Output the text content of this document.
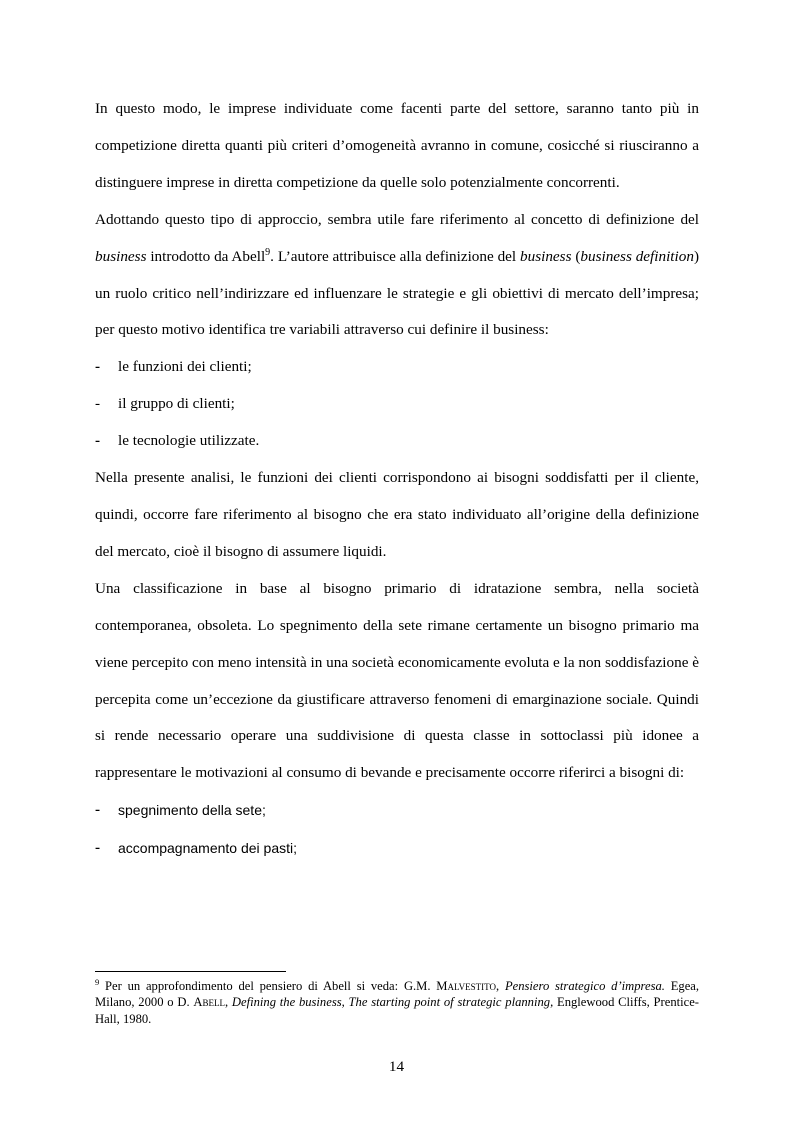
In questo modo, le imprese individuate come facenti parte del settore, saranno tanto più in competizione diretta quanti più criteri d’omogeneità avranno in comune, cosicché si riusciranno a distinguere imprese in diretta competizione da quelle solo potenzialmente concorrenti.

Adottando questo tipo di approccio, sembra utile fare riferimento al concetto di definizione del business introdotto da Abell$^9$. L’autore attribuisce alla definizione del business (business definition) un ruolo critico nell’indirizzare ed influenzare le strategie e gli obiettivi di mercato dell’impresa; per questo motivo identifica tre variabili attraverso cui definire il business:

- le funzioni dei clienti;
- il gruppo di clienti;
- le tecnologie utilizzate.

Nella presente analisi, le funzioni dei clienti corrispondono ai bisogni soddisfatti per il cliente, quindi, occorre fare riferimento al bisogno che era stato individuato all’origine della definizione del mercato, cioè il bisogno di assumere liquidi.

Una classificazione in base al bisogno primario di idratazione sembra, nella società contemporanea, obsoleta. Lo spegnimento della sete rimane certamente un bisogno primario ma viene percepito con meno intensità in una società economicamente evoluta e la non soddisfazione è percepita come un’eccezione da giustificare attraverso fenomeni di emarginazione sociale. Quindi si rende necessario operare una suddivisione di questa classe in sottoclassi più idonee a rappresentare le motivazioni al consumo di bevande e precisamente occorre riferirci a bisogni di:

- spegnimento della sete;
- accompagnamento dei pasti;

$^9$ Per un approfondimento del pensiero di Abell si veda: G.M. Malvestito, Pensiero strategico d’impresa. Egea, Milano, 2000 o D. Abell, Defining the business, The starting point of strategic planning, Englewood Cliffs, Prentice-Hall, 1980.

14
